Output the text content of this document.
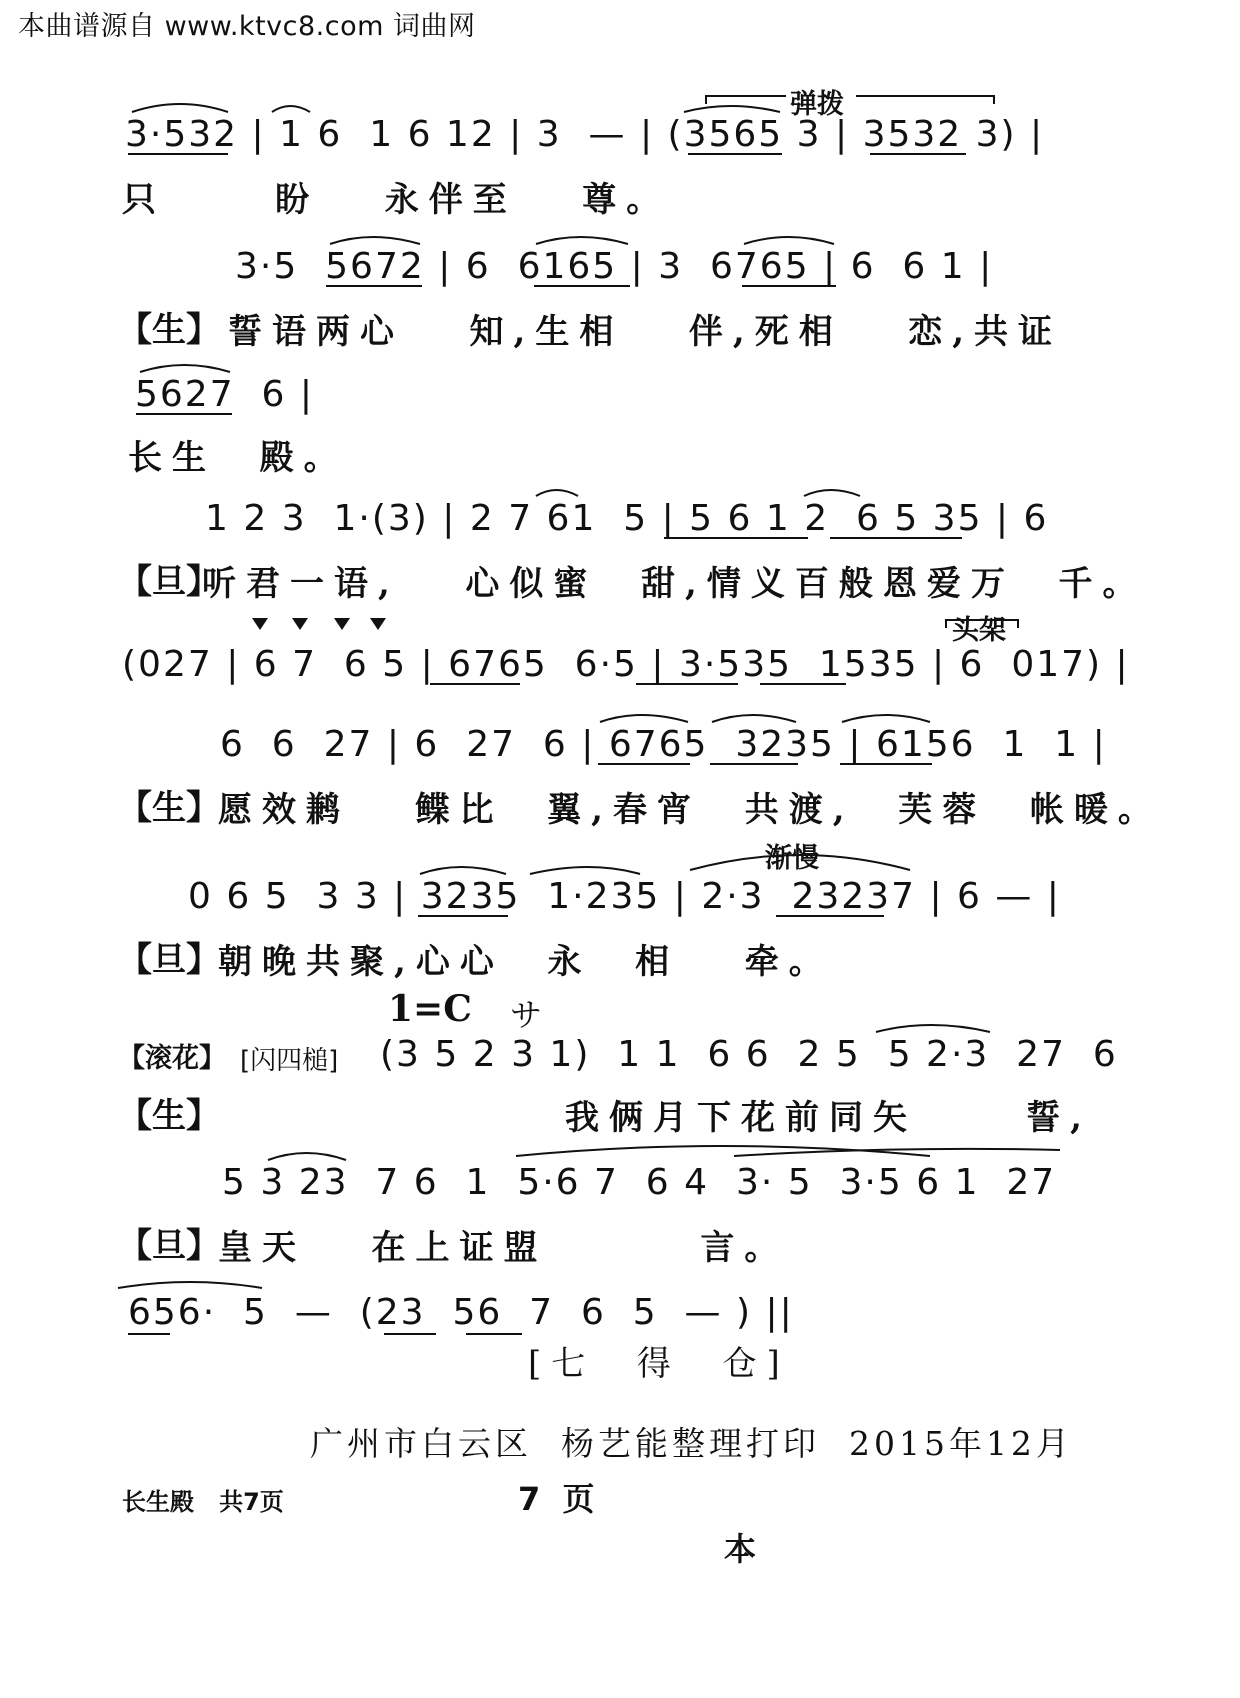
本曲谱源自 www.ktvc8.com 词曲网
弹拨
3·532 | 1 6  1 6 12 | 3  — | (3565 3 | 3532 3) |
只     盼   永伴至   尊。
3·5  5672 | 6  6165 | 3  6765 | 6  6 1 |
【生】 誓语两心   知,生相   伴,死相   恋,共证
5627  6 |
长生  殿。
1 2 3  1·(3) | 2 7 61  5 | 5 6 1 2  6 5 35 | 6
【旦】
听君一语,   心似蜜  甜,情义百般恩爱万  千。
头架
(027 | 6 7  6 5 | 6765  6·5 | 3·535  1535 | 6  017) |
6  6  27 | 6  27  6 | 6765  3235 | 6156  1  1 |
【生】
愿效鹣   鲽比  翼,春宵  共渡,  芙蓉  帐暖。
渐慢
0 6 5  3 3 | 3235  1·235 | 2·3  23237 | 6 — |
【旦】
朝晚共聚,心心  永  相   牵。
1=C サ
【滚花】 [闪四槌] (3 5 2 3 1)  1 1  6 6  2 5  5 2·3  27  6
【生】	我俩月下花前同矢     誓,
5 3 23  7 6  1  5·6 7  6 4  3· 5  3·5 6 1  27
【旦】
皇天   在上证盟       言。
656·  5  —  (23  56  7  6  5  — ) ||
[七  得  仓]
广州市白云区  杨艺能整理打印  2015年12月
长生殿   共7页	7  页
本
